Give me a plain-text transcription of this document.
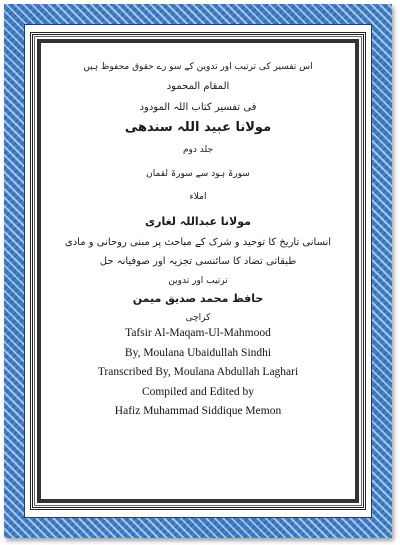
اس تفسیر کی ترتیب اور تدوین کے سو رے حقوق محفوظ ہیں

المقام المحمود

فی تفسیر کتاب اللہ المودود

مولانا عبید اللہ سندھی

جلد دوم

سورۃ ہود سے سورۃ لقمان

املاء

مولانا عبداللہ لغاری

انسانی تاریخ کا توحید و شرک کے مباحث پر مبنی روحانی و مادی

طبقاتی تضاد کا سائنسی تجزیہ اور صوفیانہ حل

ترتیب اور تدوین

حافظ محمد صدیق میمن

کراچی

Tafsir Al-Maqam-Ul-Mahmood

By, Moulana Ubaidullah Sindhi

Transcribed By, Moulana Abdullah Laghari

Compiled and Edited by

Hafiz Muhammad Siddique Memon
